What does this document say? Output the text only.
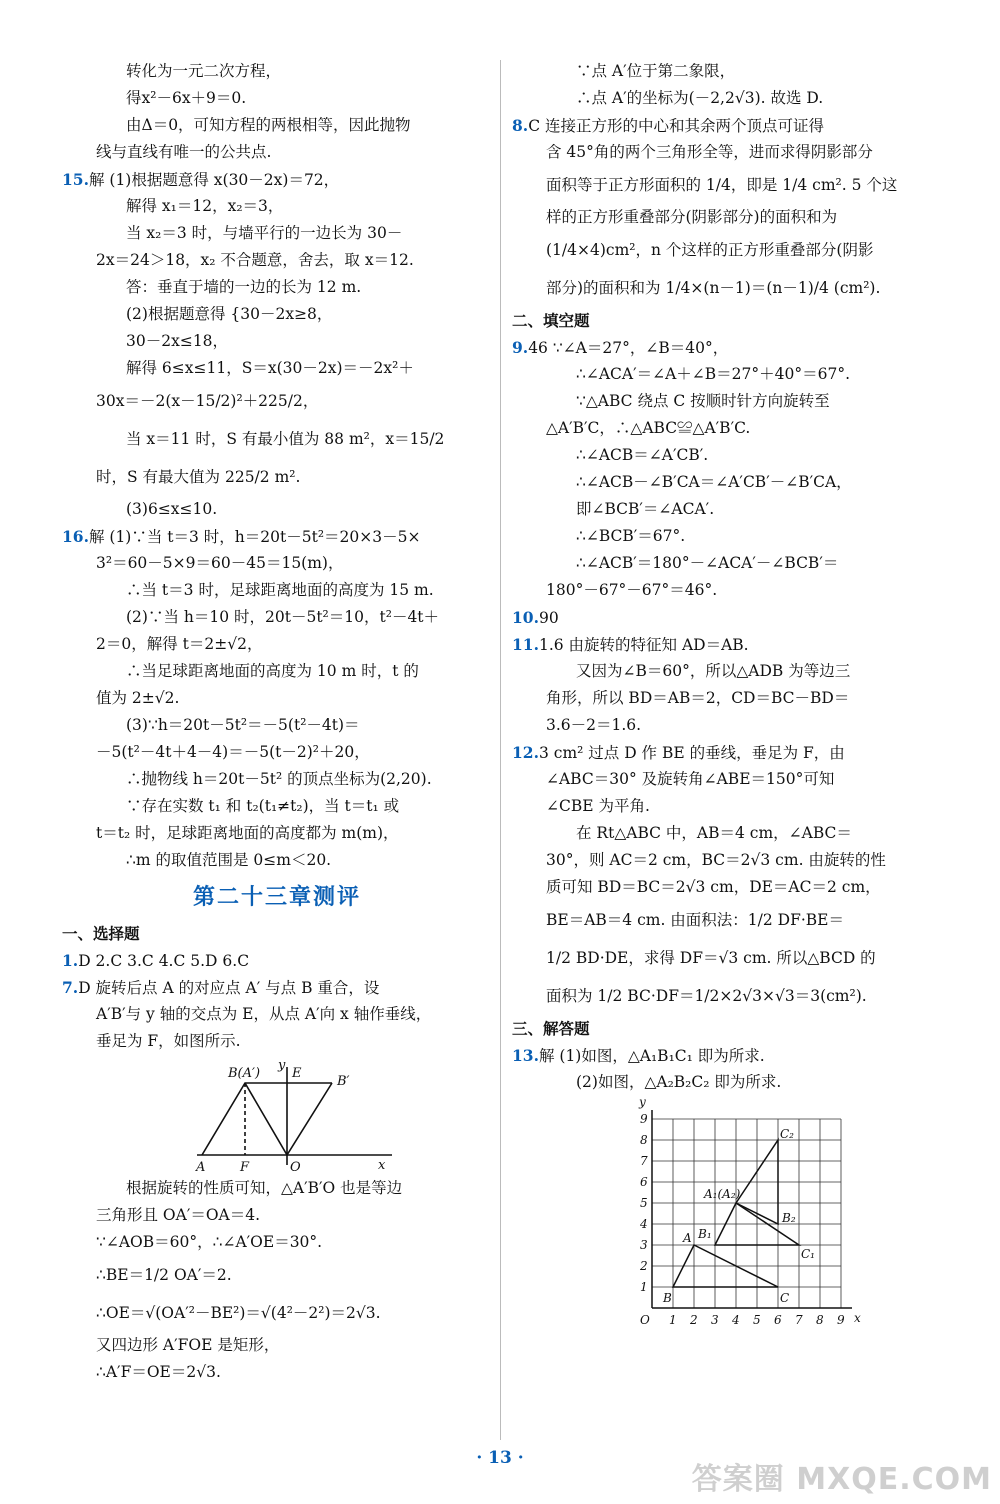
转化为一元二次方程，
得x²－6x＋9＝0.
由Δ＝0，可知方程的两根相等，因此抛物
线与直线有唯一的公共点.
15.解 (1)根据题意得 x(30－2x)＝72，
解得 x₁＝12，x₂＝3，
当 x₂＝3 时，与墙平行的一边长为 30－
2x＝24＞18，x₂ 不合题意，舍去，取 x＝12.
答：垂直于墙的一边的长为 12 m.
(2)根据题意得 {30－2x≥8，
30－2x≤18，
解得 6≤x≤11，S＝x(30－2x)＝－2x²＋
30x＝－2(x－15/2)²＋225/2，
当 x＝11 时，S 有最小值为 88 m²，x＝15/2
时，S 有最大值为 225/2 m².
(3)6≤x≤10.
16.解 (1)∵当 t＝3 时，h＝20t－5t²＝20×3－5×
3²＝60－5×9＝60－45＝15(m)，
∴当 t＝3 时，足球距离地面的高度为 15 m.
(2)∵当 h＝10 时，20t－5t²＝10，t²－4t＋
2＝0，解得 t＝2±√2，
∴当足球距离地面的高度为 10 m 时，t 的
值为 2±√2.
(3)∵h＝20t－5t²＝－5(t²－4t)＝
－5(t²－4t＋4－4)＝－5(t－2)²＋20，
∴抛物线 h＝20t－5t² 的顶点坐标为(2,20).
∵存在实数 t₁ 和 t₂(t₁≠t₂)，当 t＝t₁ 或
t＝t₂ 时，足球距离地面的高度都为 m(m)，
∴m 的取值范围是 0≤m＜20.
第二十三章测评
一、选择题
1.D 2.C 3.C 4.C 5.D 6.C
7.D 旋转后点 A 的对应点 A′ 与点 B 重合，设
A′B′与 y 轴的交点为 E，从点 A′向 x 轴作垂线，
垂足为 F，如图所示.
B(A′) E
B′
A	F	O	x
y
根据旋转的性质可知，△A′B′O 也是等边
三角形且 OA′＝OA＝4.
∵∠AOB＝60°，∴∠A′OE＝30°.
∴BE＝1/2 OA′＝2.
∴OE＝√(OA′²－BE²)＝√(4²－2²)＝2√3.
又四边形 A′FOE 是矩形，
∴A′F＝OE＝2√3.
∵点 A′位于第二象限，
∴点 A′的坐标为(－2,2√3). 故选 D.
8.C 连接正方形的中心和其余两个顶点可证得
含 45°角的两个三角形全等，进而求得阴影部分
面积等于正方形面积的 1/4，即是 1/4 cm². 5 个这
样的正方形重叠部分(阴影部分)的面积和为
(1/4×4)cm²，n 个这样的正方形重叠部分(阴影
部分)的面积和为 1/4×(n－1)＝(n－1)/4 (cm²).
二、填空题
9.46 ∵∠A＝27°，∠B＝40°，
∴∠ACA′＝∠A＋∠B＝27°＋40°＝67°.
∵△ABC 绕点 C 按顺时针方向旋转至
△A′B′C，∴△ABC≌△A′B′C.
∴∠ACB＝∠A′CB′.
∴∠ACB－∠B′CA＝∠A′CB′－∠B′CA，
即∠BCB′＝∠ACA′.
∴∠BCB′＝67°.
∴∠ACB′＝180°－∠ACA′－∠BCB′＝
180°－67°－67°＝46°.
10.90
11.1.6 由旋转的特征知 AD＝AB.
又因为∠B＝60°，所以△ADB 为等边三
角形，所以 BD＝AB＝2，CD＝BC－BD＝
3.6－2＝1.6.
12.3 cm² 过点 D 作 BE 的垂线，垂足为 F，由
∠ABC＝30° 及旋转角∠ABE＝150°可知
∠CBE 为平角.
在 Rt△ABC 中，AB＝4 cm，∠ABC＝
30°，则 AC＝2 cm，BC＝2√3 cm. 由旋转的性
质可知 BD＝BC＝2√3 cm，DE＝AC＝2 cm，
BE＝AB＝4 cm. 由面积法：1/2 DF·BE＝
1/2 BD·DE，求得 DF＝√3 cm. 所以△BCD 的
面积为 1/2 BC·DF＝1/2×2√3×√3＝3(cm²).
三、解答题
13.解 (1)如图，△A₁B₁C₁ 即为所求.
(2)如图，△A₂B₂C₂ 即为所求.
1
1
2
2
3
3
4
4
5
5
6
6
7
7
8
8
9
9
O	x
y
A
B	C
B₁
C₁
A₁(A₂)
B₂
C₂
· 13 ·
答案圈 MXQE.COM
